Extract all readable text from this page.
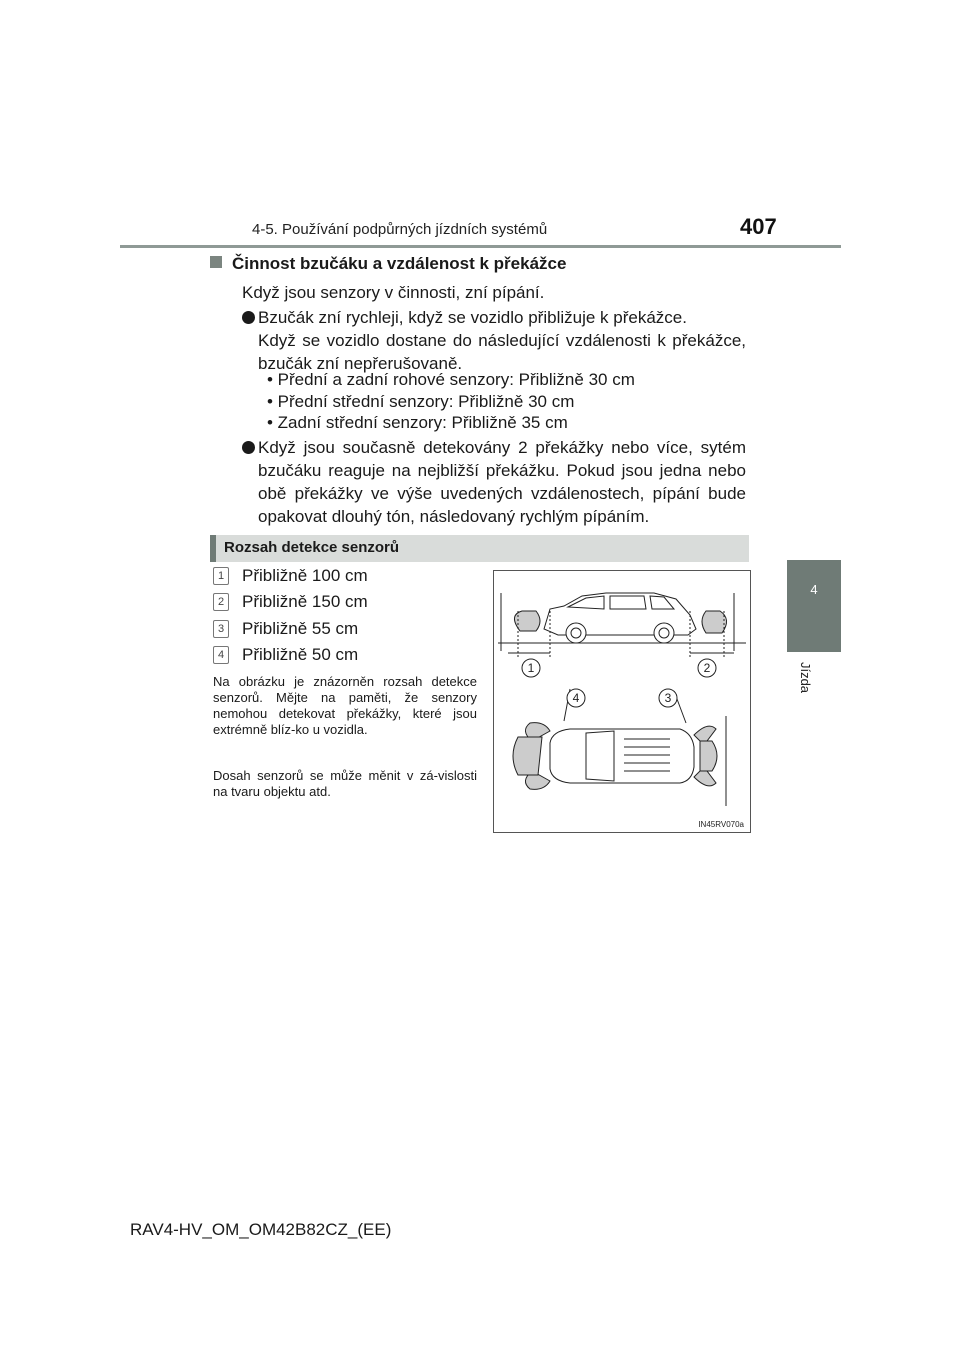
4-5. Používání podpůrných jízdních systémů	407
4
Jízda
Činnost bzučáku a vzdálenost k překážce
Když jsou senzory v činnosti, zní pípání.
Bzučák zní rychleji, když se vozidlo přibližuje k překážce.
Když se vozidlo dostane do následující vzdálenosti k překážce,
bzučák zní nepřerušovaně.
• Přední a zadní rohové senzory: Přibližně 30 cm
• Přední střední senzory: Přibližně 30 cm
• Zadní střední senzory: Přibližně 35 cm
Když jsou současně detekovány 2 překážky nebo více, sytém
bzučáku reaguje na nejbližší překážku. Pokud jsou jedna nebo
obě překážky ve výše uvedených vzdálenostech, pípání bude
opakovat dlouhý tón, následovaný rychlým pípáním.
Rozsah detekce senzorů
1 Přibližně 100 cm
2 Přibližně 150 cm
3 Přibližně 55 cm
4 Přibližně 50 cm
Na obrázku je znázorněn rozsah detekce senzorů. Mějte na paměti, že senzory nemohou detekovat překážky, které jsou extrémně blíz-ko u vozidla.
Dosah senzorů se může měnit v zá-vislosti na tvaru objektu atd.
1	2
4	3
IN45RV070a
RAV4-HV_OM_OM42B82CZ_(EE)
